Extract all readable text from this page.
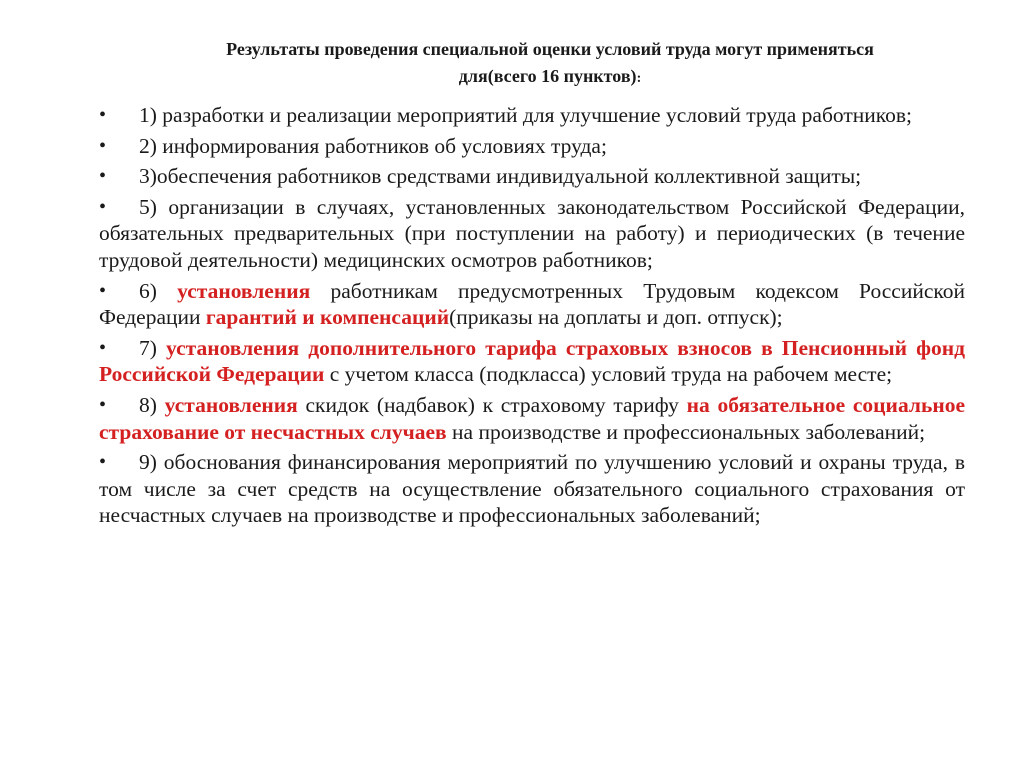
Результаты проведения специальной оценки условий труда могут применяться
для(всего 16 пунктов):
• 1) разработки и реализации мероприятий для улучшение условий труда работников;
• 2) информирования работников об условиях труда;
• 3)обеспечения работников средствами индивидуальной коллективной защиты;
• 5) организации в случаях, установленных законодательством Российской Федерации, обязательных предварительных (при поступлении на работу) и периодических (в течение трудовой деятельности) медицинских осмотров работников;
• 6) установления работникам предусмотренных Трудовым кодексом Российской Федерации гарантий и компенсаций(приказы на доплаты и доп. отпуск);
• 7) установления дополнительного тарифа страховых взносов в Пенсионный фонд Российской Федерации с учетом класса (подкласса) условий труда на рабочем месте;
• 8) установления скидок (надбавок) к страховому тарифу на обязательное социальное страхование от несчастных случаев на производстве и профессиональных заболеваний;
• 9) обоснования финансирования мероприятий по улучшению условий и охраны труда, в том числе за счет средств на осуществление обязательного социального страхования от несчастных случаев на производстве и профессиональных заболеваний;
